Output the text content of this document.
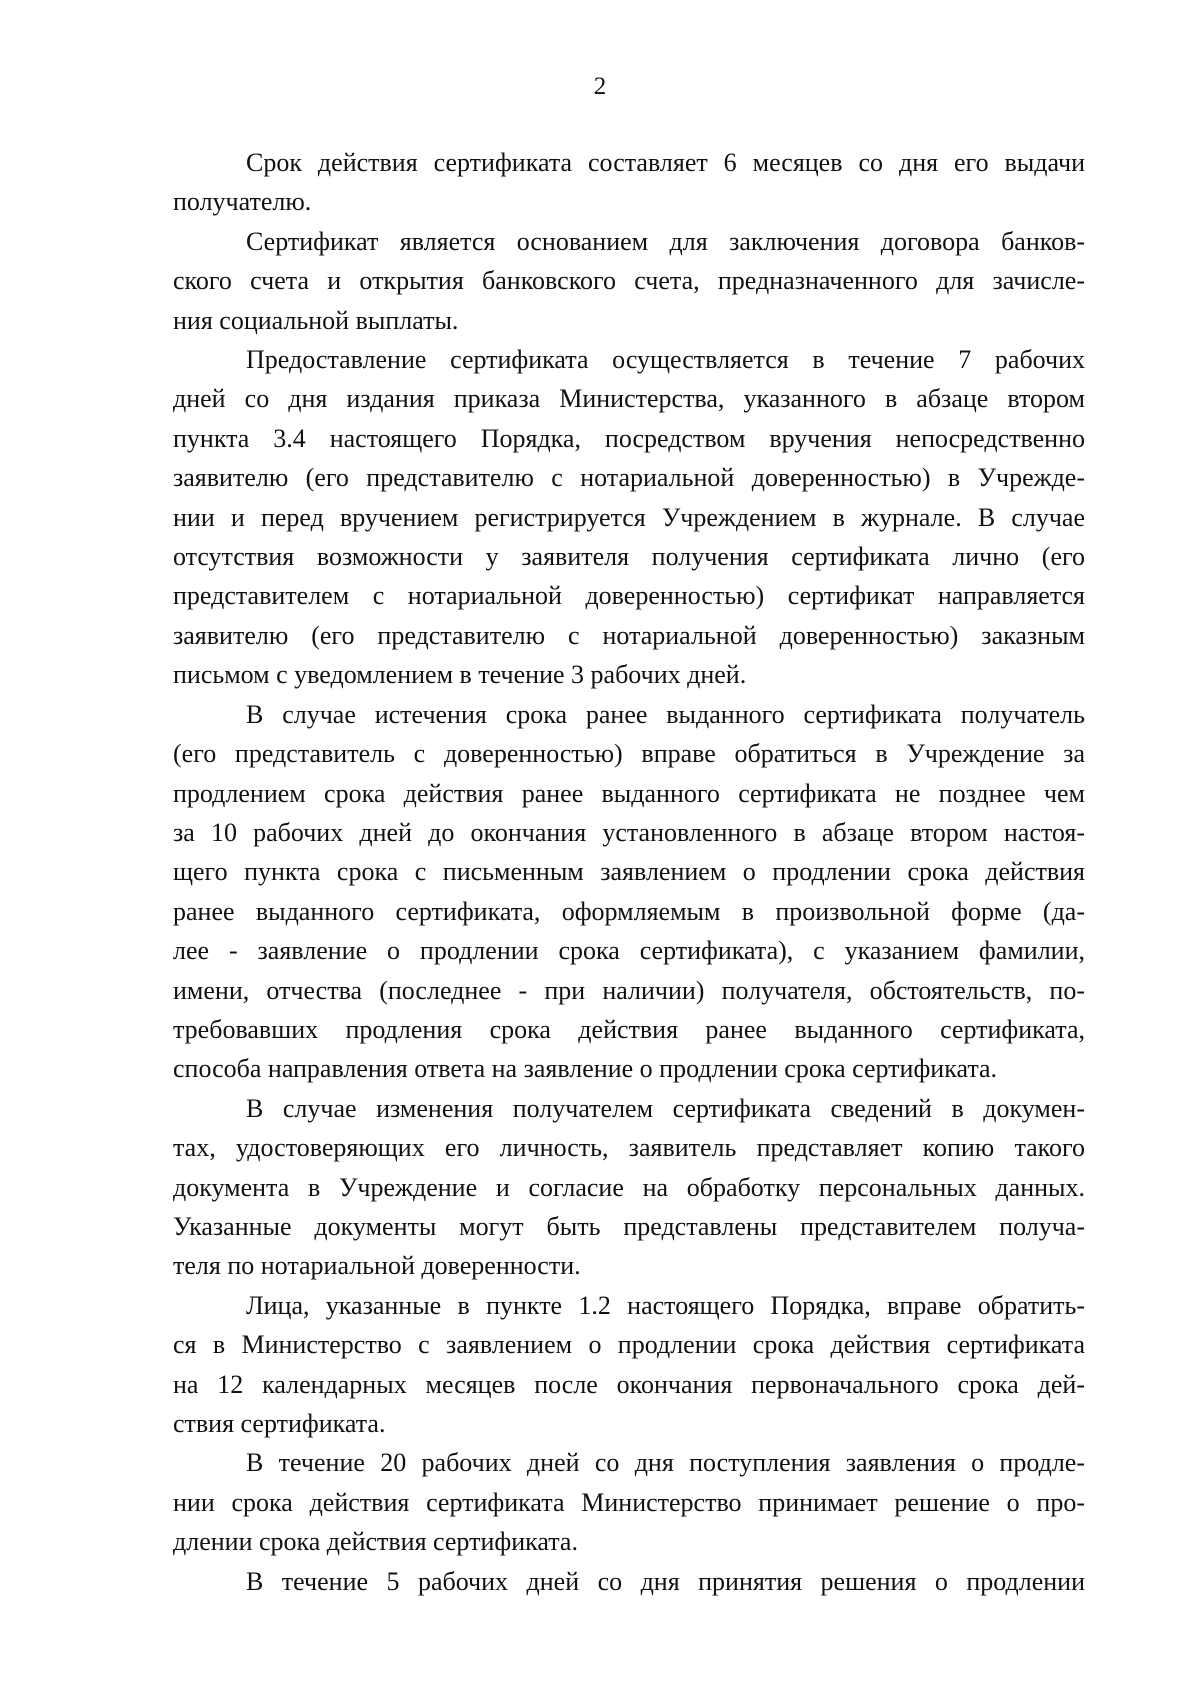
2
Срок действия сертификата составляет 6 месяцев со дня его выдачи
получателю.
Сертификат является основанием для заключения договора банков-
ского счета и открытия банковского счета, предназначенного для зачисле-
ния социальной выплаты.
Предоставление сертификата осуществляется в течение 7 рабочих
дней со дня издания приказа Министерства, указанного в абзаце втором
пункта 3.4 настоящего Порядка, посредством вручения непосредственно
заявителю (его представителю с нотариальной доверенностью) в Учрежде-
нии и перед вручением регистрируется Учреждением в журнале. В случае
отсутствия возможности у заявителя получения сертификата лично (его
представителем с нотариальной доверенностью) сертификат направляется
заявителю (его представителю с нотариальной доверенностью) заказным
письмом с уведомлением в течение 3 рабочих дней.
В случае истечения срока ранее выданного сертификата получатель
(его представитель с доверенностью) вправе обратиться в Учреждение за
продлением срока действия ранее выданного сертификата не позднее чем
за 10 рабочих дней до окончания установленного в абзаце втором настоя-
щего пункта срока с письменным заявлением о продлении срока действия
ранее выданного сертификата, оформляемым в произвольной форме (да-
лее - заявление о продлении срока сертификата), с указанием фамилии,
имени, отчества (последнее - при наличии) получателя, обстоятельств, по-
требовавших продления срока действия ранее выданного сертификата,
способа направления ответа на заявление о продлении срока сертификата.
В случае изменения получателем сертификата сведений в докумен-
тах, удостоверяющих его личность, заявитель представляет копию такого
документа в Учреждение и согласие на обработку персональных данных.
Указанные документы могут быть представлены представителем получа-
теля по нотариальной доверенности.
Лица, указанные в пункте 1.2 настоящего Порядка, вправе обратить-
ся в Министерство с заявлением о продлении срока действия сертификата
на 12 календарных месяцев после окончания первоначального срока дей-
ствия сертификата.
В течение 20 рабочих дней со дня поступления заявления о продле-
нии срока действия сертификата Министерство принимает решение о про-
длении срока действия сертификата.
В течение 5 рабочих дней со дня принятия решения о продлении
